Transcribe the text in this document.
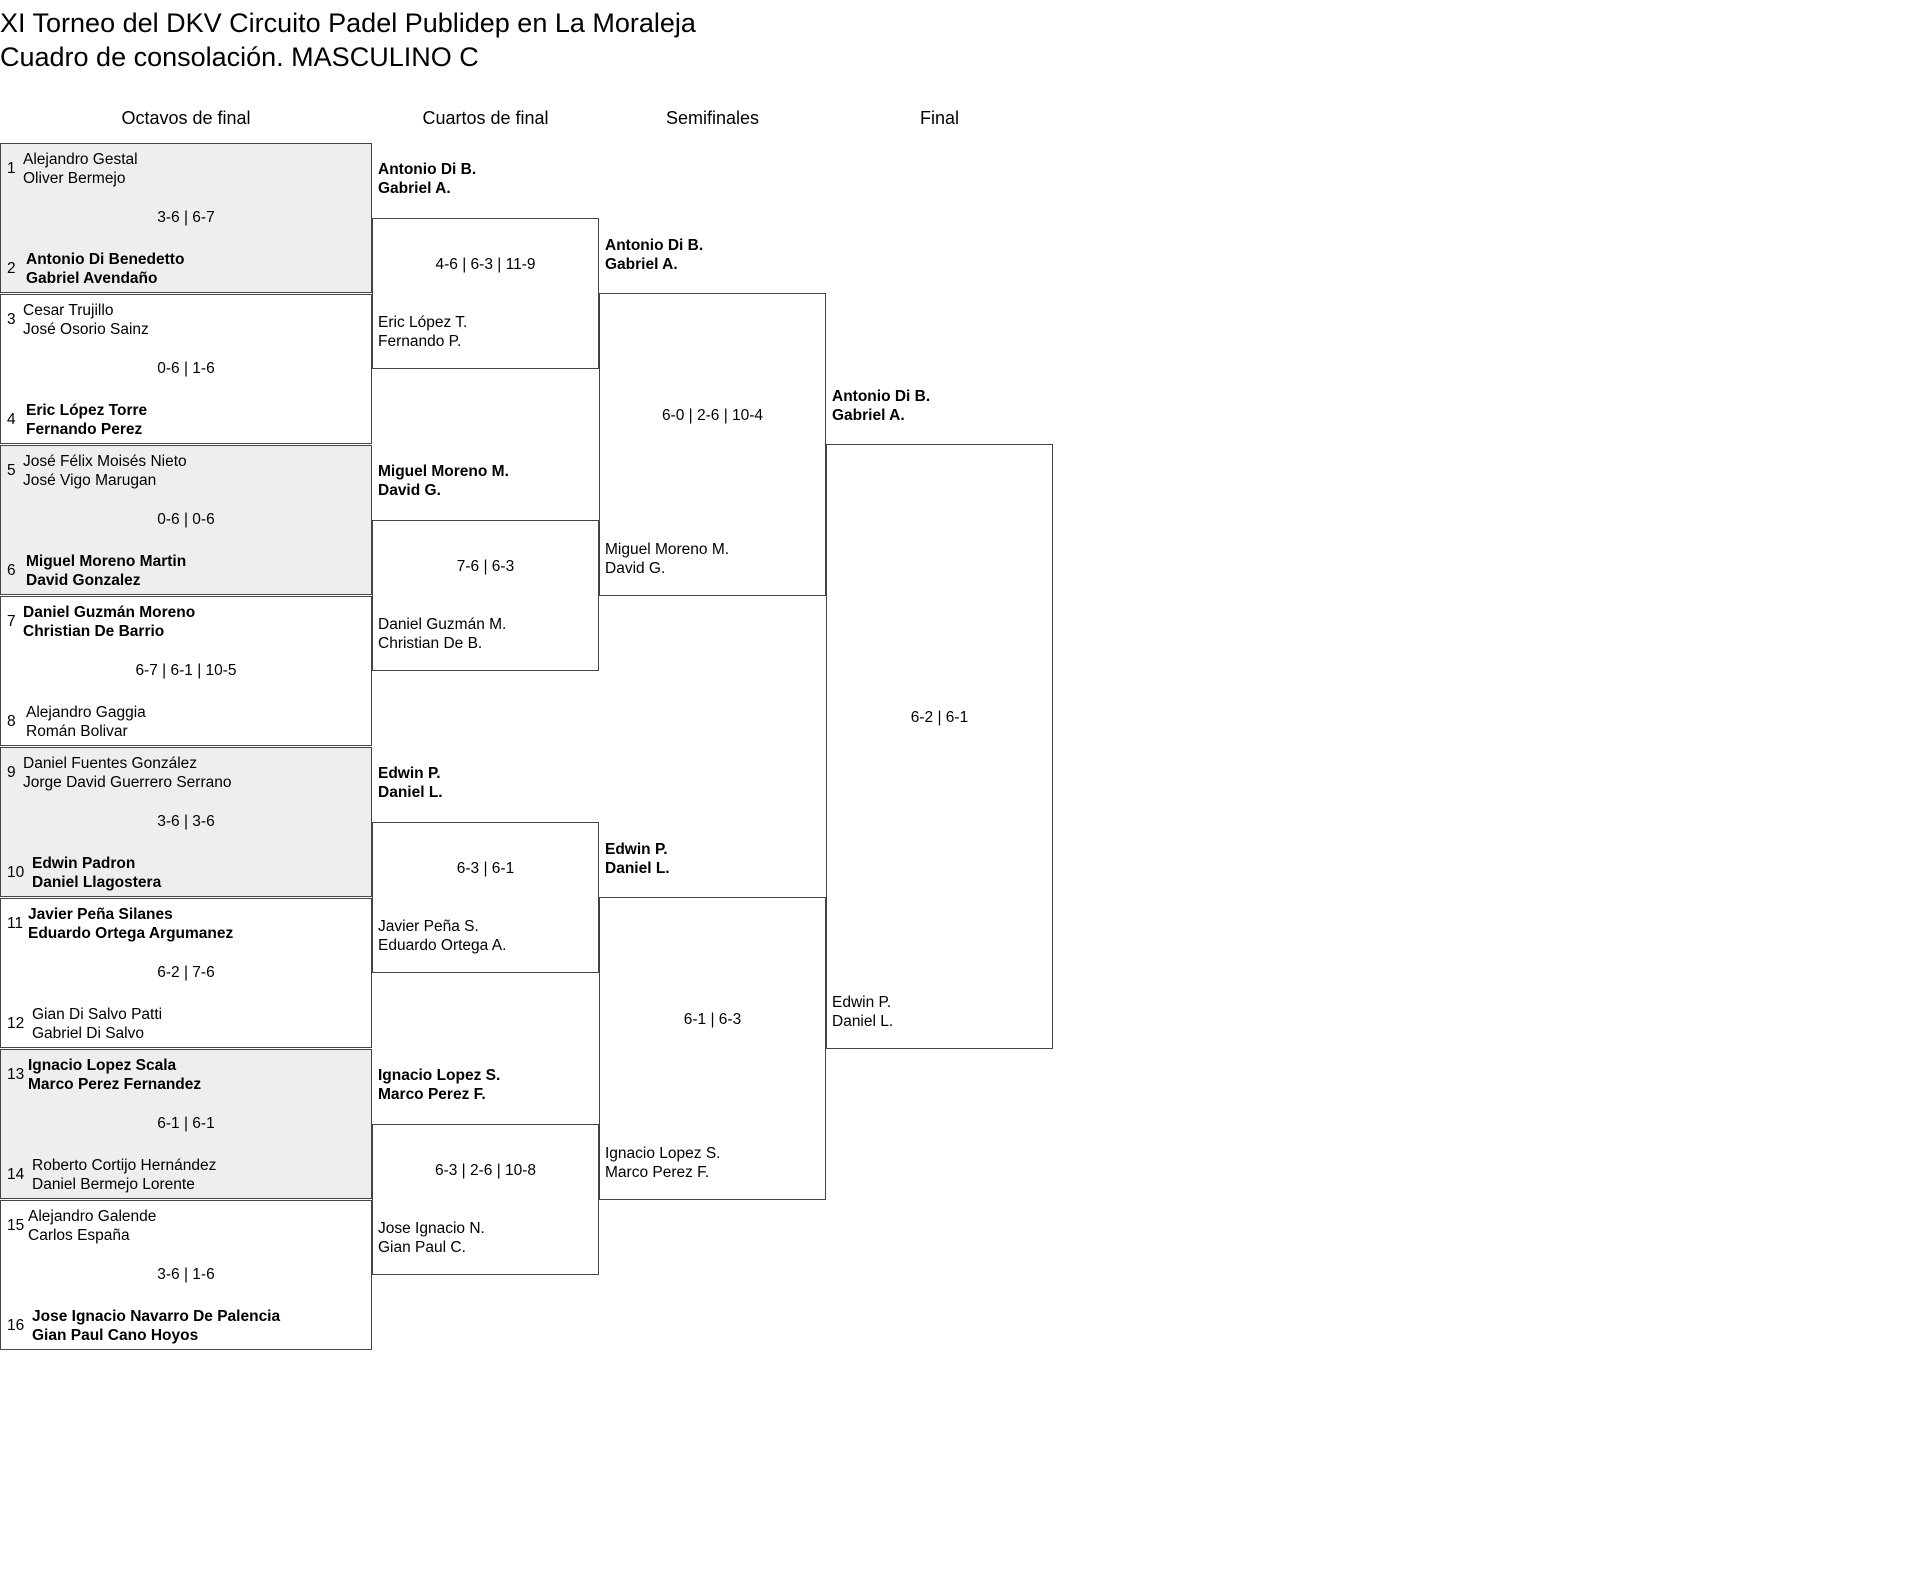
XI Torneo del DKV Circuito Padel Publidep en La Moraleja
Cuadro de consolación. MASCULINO C
Octavos de final	Cuartos de final	Semifinales	Final
1
Alejandro Gestal
Oliver Bermejo
3-6 | 6-7
2
Antonio Di Benedetto
Gabriel Avendaño
3
Cesar Trujillo
José Osorio Sainz
0-6 | 1-6
4
Eric López Torre
Fernando Perez
5
José Félix Moisés Nieto
José Vigo Marugan
0-6 | 0-6
6
Miguel Moreno Martin
David Gonzalez
7
Daniel Guzmán Moreno
Christian De Barrio
6-7 | 6-1 | 10-5
8
Alejandro Gaggia
Román Bolivar
9
Daniel Fuentes González
Jorge David Guerrero Serrano
3-6 | 3-6
10
Edwin Padron
Daniel Llagostera
11
Javier Peña Silanes
Eduardo Ortega Argumanez
6-2 | 7-6
12
Gian Di Salvo Patti
Gabriel Di Salvo
13
Ignacio Lopez Scala
Marco Perez Fernandez
6-1 | 6-1
14
Roberto Cortijo Hernández
Daniel Bermejo Lorente
15
Alejandro Galende
Carlos España
3-6 | 1-6
16
Jose Ignacio Navarro De Palencia
Gian Paul Cano Hoyos
Antonio Di B.
Gabriel A.
4-6 | 6-3 | 11-9
Eric López T.
Fernando P.
Miguel Moreno M.
David G.
7-6 | 6-3
Daniel Guzmán M.
Christian De B.
Edwin P.
Daniel L.
6-3 | 6-1
Javier Peña S.
Eduardo Ortega A.
Ignacio Lopez S.
Marco Perez F.
6-3 | 2-6 | 10-8
Jose Ignacio N.
Gian Paul C.
Antonio Di B.
Gabriel A.
6-0 | 2-6 | 10-4
Miguel Moreno M.
David G.
Edwin P.
Daniel L.
6-1 | 6-3
Ignacio Lopez S.
Marco Perez F.
Antonio Di B.
Gabriel A.
6-2 | 6-1
Edwin P.
Daniel L.
